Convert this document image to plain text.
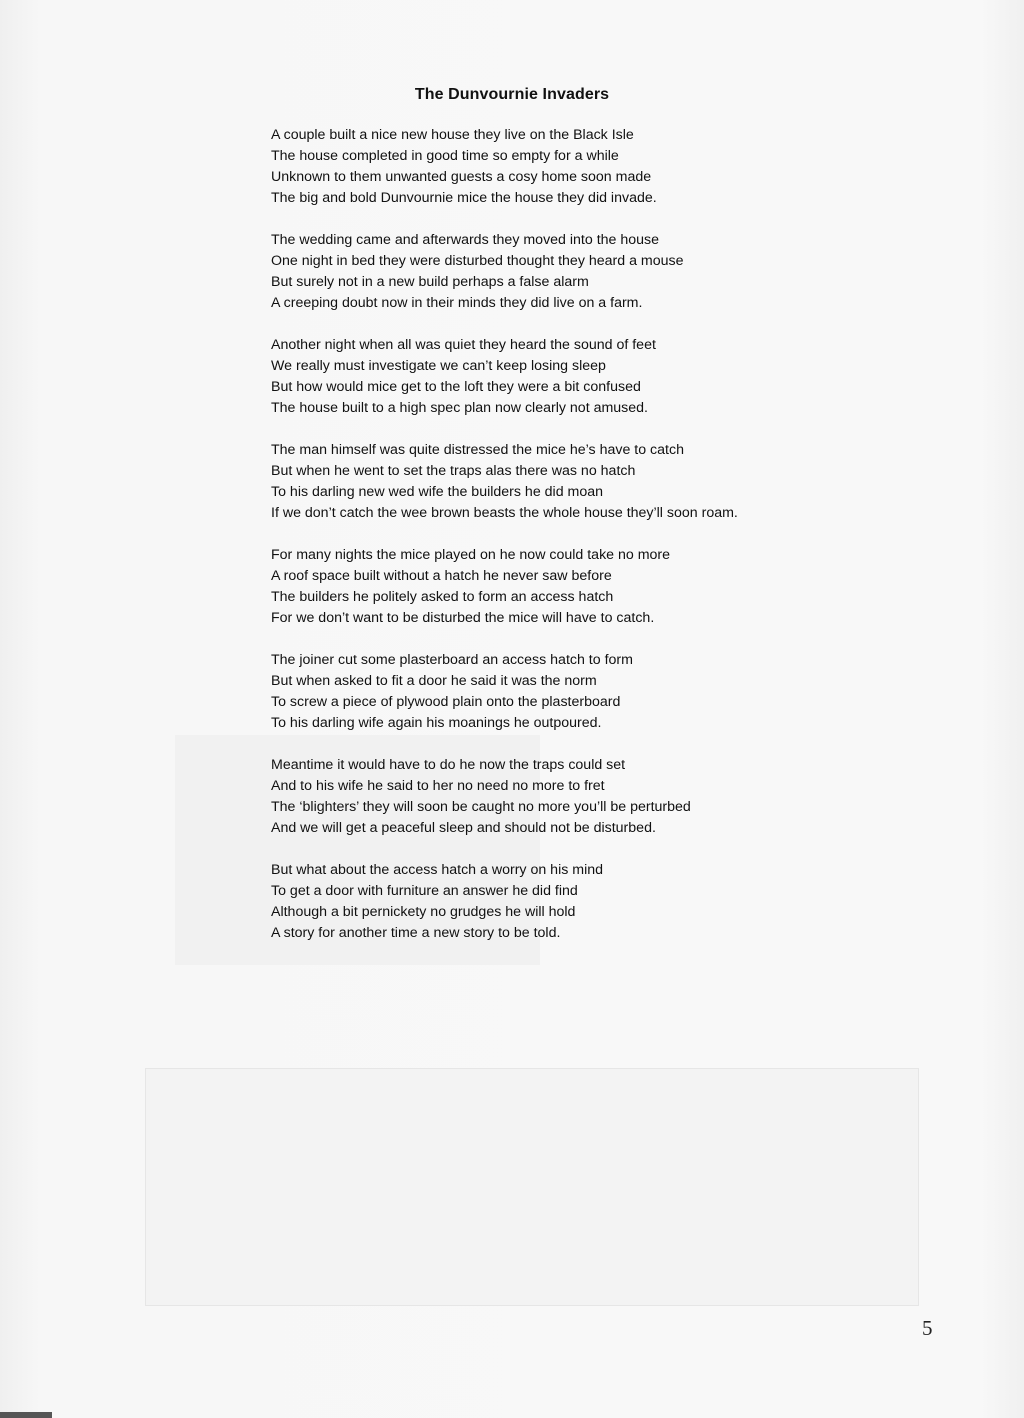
The Dunvournie Invaders
A couple built a nice new house they live on the Black Isle
The house completed in good time so empty for a while
Unknown to them unwanted guests a cosy home soon made
The big and bold Dunvournie mice the house they did invade.
The wedding came and afterwards they moved into the house
One night in bed they were disturbed thought they heard a mouse
But surely not in a new build perhaps a false alarm
A creeping doubt now in their minds they did live on a farm.
Another night when all was quiet they heard the sound of feet
We really must investigate we can’t keep losing sleep
But how would mice get to the loft they were a bit confused
The house built to a high spec plan now clearly not amused.
The man himself was quite distressed the mice he’s have to catch
But when he went to set the traps alas there was no hatch
To his darling new wed wife the builders he did moan
If we don’t catch the wee brown beasts the whole house they’ll soon roam.
For many nights the mice played on he now could take no more
A roof space built without a hatch he never saw before
The builders he politely asked to form an access hatch
For we don’t want to be disturbed the mice will have to catch.
The joiner cut some plasterboard an access hatch to form
But when asked to fit a door he said it was the norm
To screw a piece of plywood plain onto the plasterboard
To his darling wife again his moanings he outpoured.
Meantime it would have to do he now the traps could set
And to his wife he said to her no need no more to fret
The ‘blighters’ they will soon be caught no more you’ll be perturbed
And we will get a peaceful sleep and should not be disturbed.
But what about the access hatch a worry on his mind
To get a door with furniture an answer he did find
Although a bit pernickety no grudges he will hold
A story for another time a new story to be told.
5
